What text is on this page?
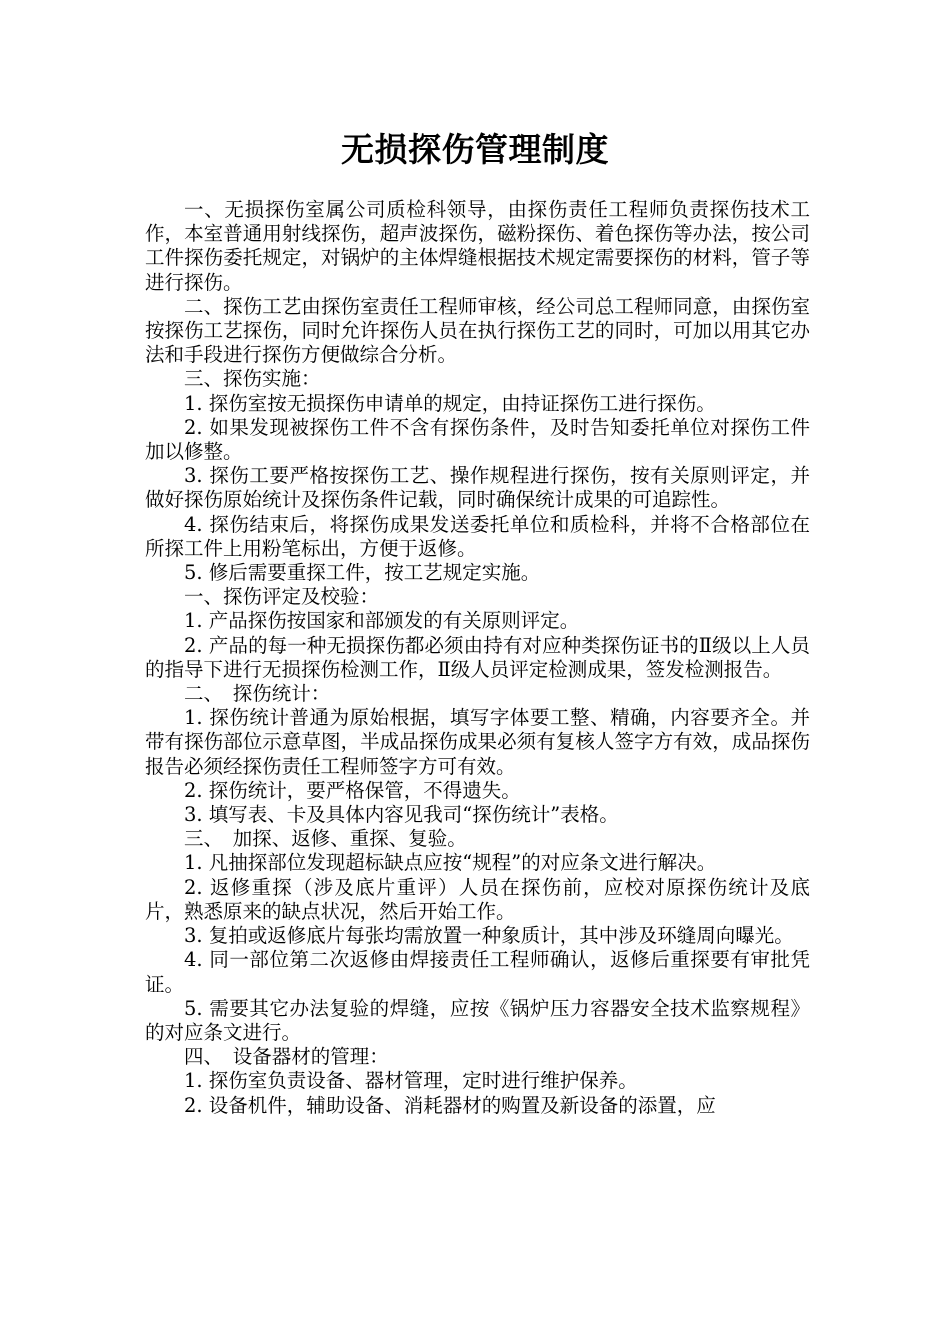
无损探伤管理制度

一、无损探伤室属公司质检科领导，由探伤责任工程师负责探伤技术工作，本室普通用射线探伤，超声波探伤，磁粉探伤、着色探伤等办法，按公司工件探伤委托规定，对锅炉的主体焊缝根据技术规定需要探伤的材料，管子等进行探伤。

二、探伤工艺由探伤室责任工程师审核，经公司总工程师同意，由探伤室按探伤工艺探伤，同时允许探伤人员在执行探伤工艺的同时，可加以用其它办法和手段进行探伤方便做综合分析。

三、探伤实施：

1. 探伤室按无损探伤申请单的规定，由持证探伤工进行探伤。

2. 如果发现被探伤工件不含有探伤条件，及时告知委托单位对探伤工件加以修整。

3. 探伤工要严格按探伤工艺、操作规程进行探伤，按有关原则评定，并做好探伤原始统计及探伤条件记载，同时确保统计成果的可追踪性。

4. 探伤结束后，将探伤成果发送委托单位和质检科，并将不合格部位在所探工件上用粉笔标出，方便于返修。

5. 修后需要重探工件，按工艺规定实施。

一、探伤评定及校验：

1. 产品探伤按国家和部颁发的有关原则评定。

2. 产品的每一种无损探伤都必须由持有对应种类探伤证书的Ⅱ级以上人员的指导下进行无损探伤检测工作，Ⅱ级人员评定检测成果，签发检测报告。

二、　探伤统计：

1. 探伤统计普通为原始根据，填写字体要工整、精确，内容要齐全。并带有探伤部位示意草图，半成品探伤成果必须有复核人签字方有效，成品探伤报告必须经探伤责任工程师签字方可有效。

2. 探伤统计，要严格保管，不得遗失。

3. 填写表、卡及具体内容见我司“探伤统计”表格。

三、　加探、返修、重探、复验。

1. 凡抽探部位发现超标缺点应按“规程”的对应条文进行解决。

2. 返修重探（涉及底片重评）人员在探伤前，应校对原探伤统计及底片，熟悉原来的缺点状况，然后开始工作。

3. 复拍或返修底片每张均需放置一种象质计，其中涉及环缝周向曝光。

4. 同一部位第二次返修由焊接责任工程师确认，返修后重探要有审批凭证。

5. 需要其它办法复验的焊缝，应按《锅炉压力容器安全技术监察规程》的对应条文进行。

四、　设备器材的管理：

1. 探伤室负责设备、器材管理，定时进行维护保养。

2. 设备机件，辅助设备、消耗器材的购置及新设备的添置，应
